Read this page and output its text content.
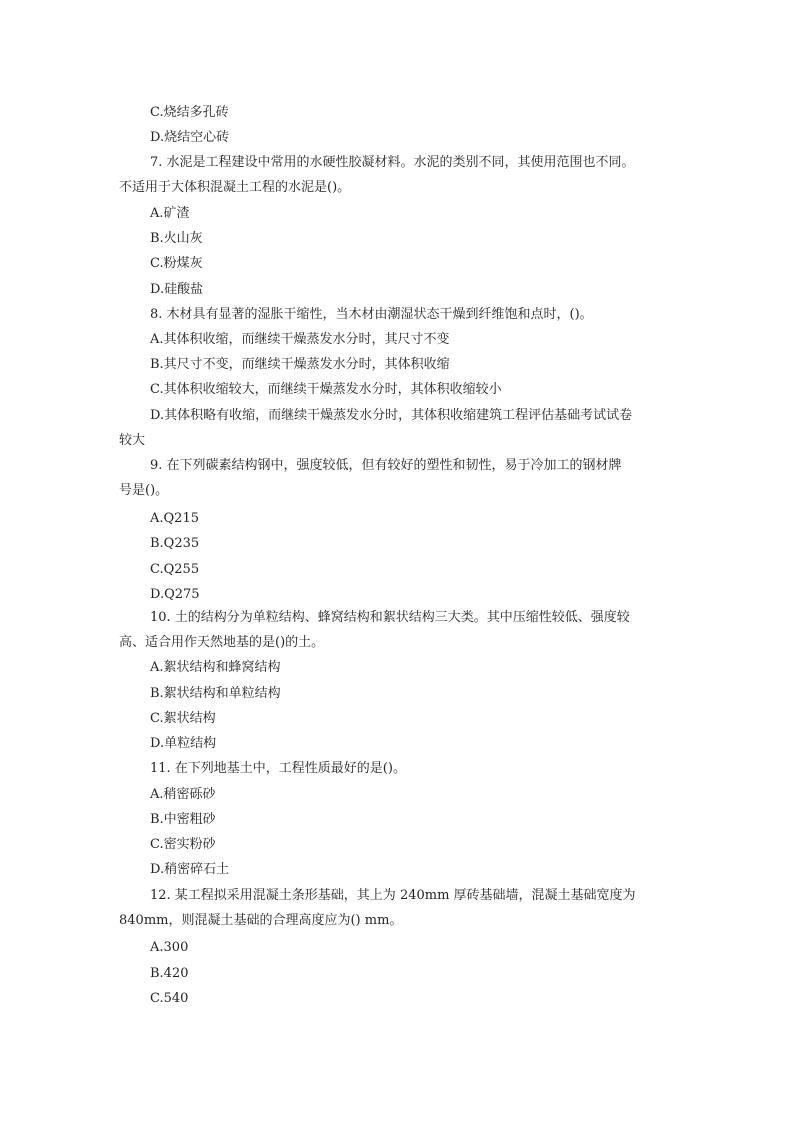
C.烧结多孔砖
D.烧结空心砖
7. 水泥是工程建设中常用的水硬性胶凝材料。水泥的类别不同，其使用范围也不同。
不适用于大体积混凝土工程的水泥是()。
A.矿渣
B.火山灰
C.粉煤灰
D.硅酸盐
8. 木材具有显著的湿胀干缩性，当木材由潮湿状态干燥到纤维饱和点时，()。
A.其体积收缩，而继续干燥蒸发水分时，其尺寸不变
B.其尺寸不变，而继续干燥蒸发水分时，其体积收缩
C.其体积收缩较大，而继续干燥蒸发水分时，其体积收缩较小
D.其体积略有收缩，而继续干燥蒸发水分时，其体积收缩建筑工程评估基础考试试卷
较大
9. 在下列碳素结构钢中，强度较低，但有较好的塑性和韧性，易于冷加工的钢材牌
号是()。
A.Q215
B.Q235
C.Q255
D.Q275
10. 土的结构分为单粒结构、蜂窝结构和絮状结构三大类。其中压缩性较低、强度较
高、适合用作天然地基的是()的土。
A.絮状结构和蜂窝结构
B.絮状结构和单粒结构
C.絮状结构
D.单粒结构
11. 在下列地基土中，工程性质最好的是()。
A.稍密砾砂
B.中密粗砂
C.密实粉砂
D.稍密碎石土
12. 某工程拟采用混凝土条形基础，其上为 240mm 厚砖基础墙，混凝土基础宽度为
840mm，则混凝土基础的合理高度应为() mm。
A.300
B.420
C.540
